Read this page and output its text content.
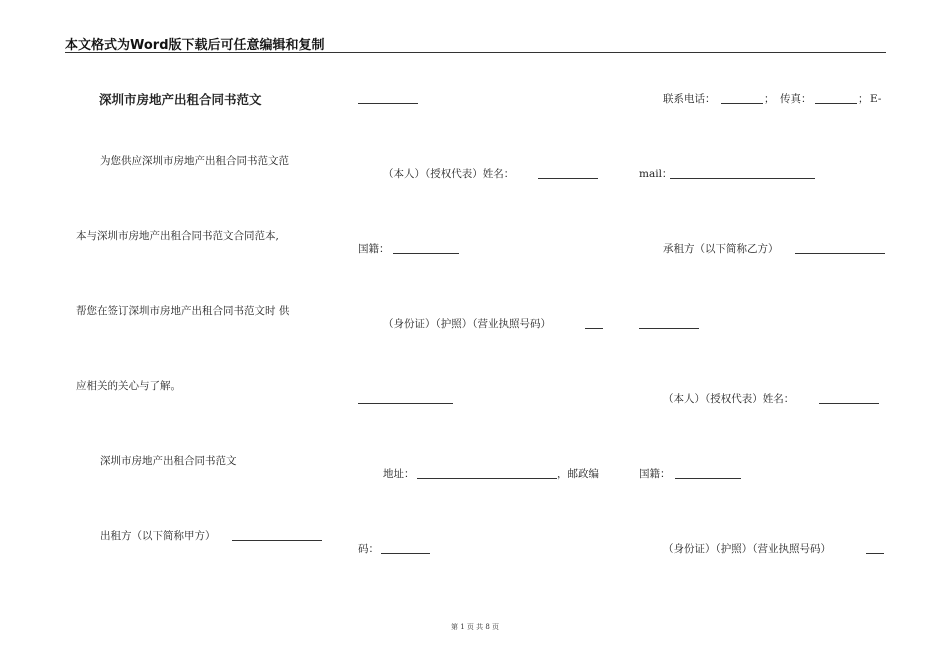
本文格式为Word版下载后可任意编辑和复制
深圳市房地产出租合同书范文
为您供应深圳市房地产出租合同书范文范
本与深圳市房地产出租合同书范文合同范本,
帮您在签订深圳市房地产出租合同书范文时 供
应相关的关心与了解。
深圳市房地产出租合同书范文
出租方（以下简称甲方）
（本人）（授权代表）姓名：
国籍：
（身份证）（护照）（营业执照号码）
地址：	，邮政编
码：
联系电话：	； 传真：	； E-
mail：
承租方（以下简称乙方）
（本人）（授权代表）姓名：
国籍：
（身份证）（护照）（营业执照号码）
第 1 页 共 8 页
